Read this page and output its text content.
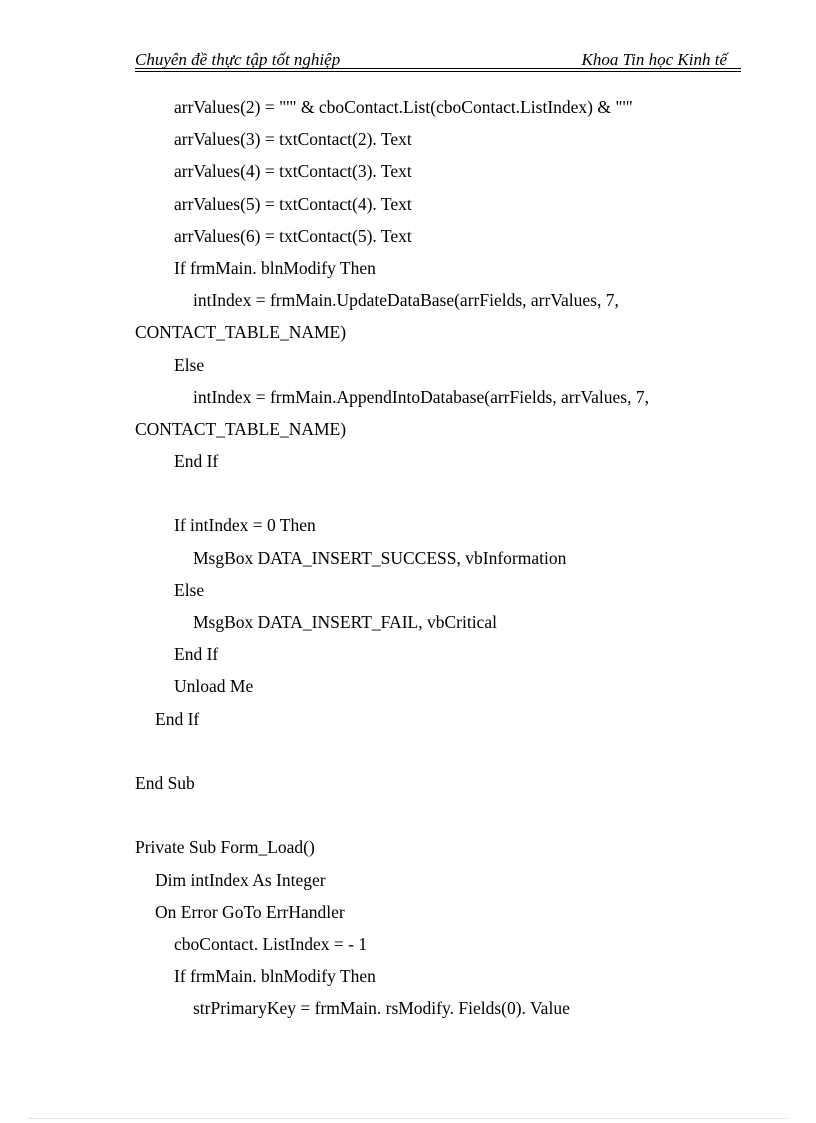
Chuyên đề thực tập tốt nghiệp	Khoa Tin học Kinh tế
arrValues(2) = "'" & cboContact.List(cboContact.ListIndex) & "'"
arrValues(3) = txtContact(2). Text
arrValues(4) = txtContact(3). Text
arrValues(5) = txtContact(4). Text
arrValues(6) = txtContact(5). Text
If frmMain. blnModify Then
intIndex = frmMain.UpdateDataBase(arrFields, arrValues, 7,
CONTACT_TABLE_NAME)
Else
intIndex = frmMain.AppendIntoDatabase(arrFields, arrValues, 7,
CONTACT_TABLE_NAME)
End If
If intIndex = 0 Then
MsgBox DATA_INSERT_SUCCESS, vbInformation
Else
MsgBox DATA_INSERT_FAIL, vbCritical
End If
Unload Me
End If
End Sub
Private Sub Form_Load()
Dim intIndex As Integer
On Error GoTo ErrHandler
cboContact. ListIndex = - 1
If frmMain. blnModify Then
strPrimaryKey = frmMain. rsModify. Fields(0). Value
